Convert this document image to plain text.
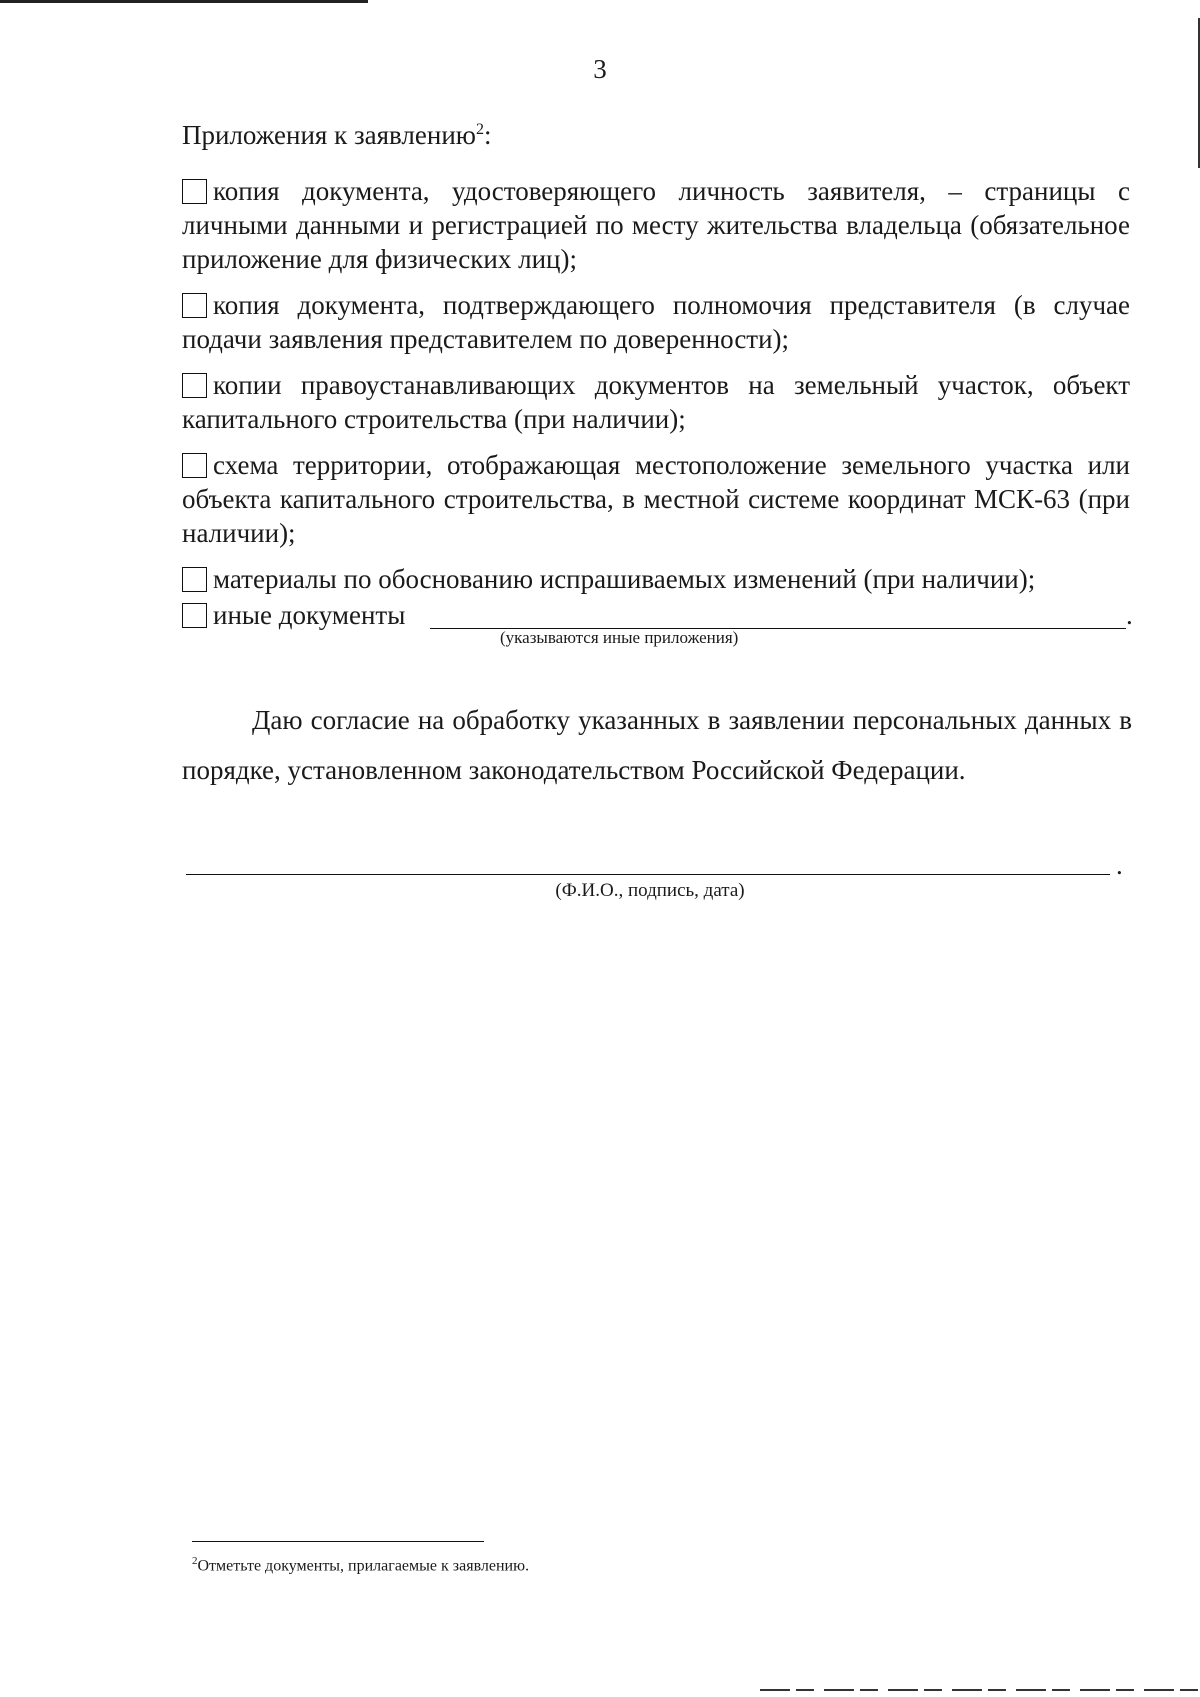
3
Приложения к заявлению$^2$:
копия документа, удостоверяющего личность заявителя, – страницы с личными данными и регистрацией по месту жительства владельца (обязательное приложение для физических лиц);
копия документа, подтверждающего полномочия представителя (в случае подачи заявления представителем по доверенности);
копии правоустанавливающих документов на земельный участок, объект капитального строительства (при наличии);
схема территории, отображающая местоположение земельного участка или объекта капитального строительства, в местной системе координат МСК-63 (при наличии);
материалы по обоснованию испрашиваемых изменений (при наличии);
иные документы	.
(указываются иные приложения)
Даю согласие на обработку указанных в заявлении персональных данных в порядке, установленном законодательством Российской Федерации.
.
(Ф.И.О., подпись, дата)
$^2$Отметьте документы, прилагаемые к заявлению.
